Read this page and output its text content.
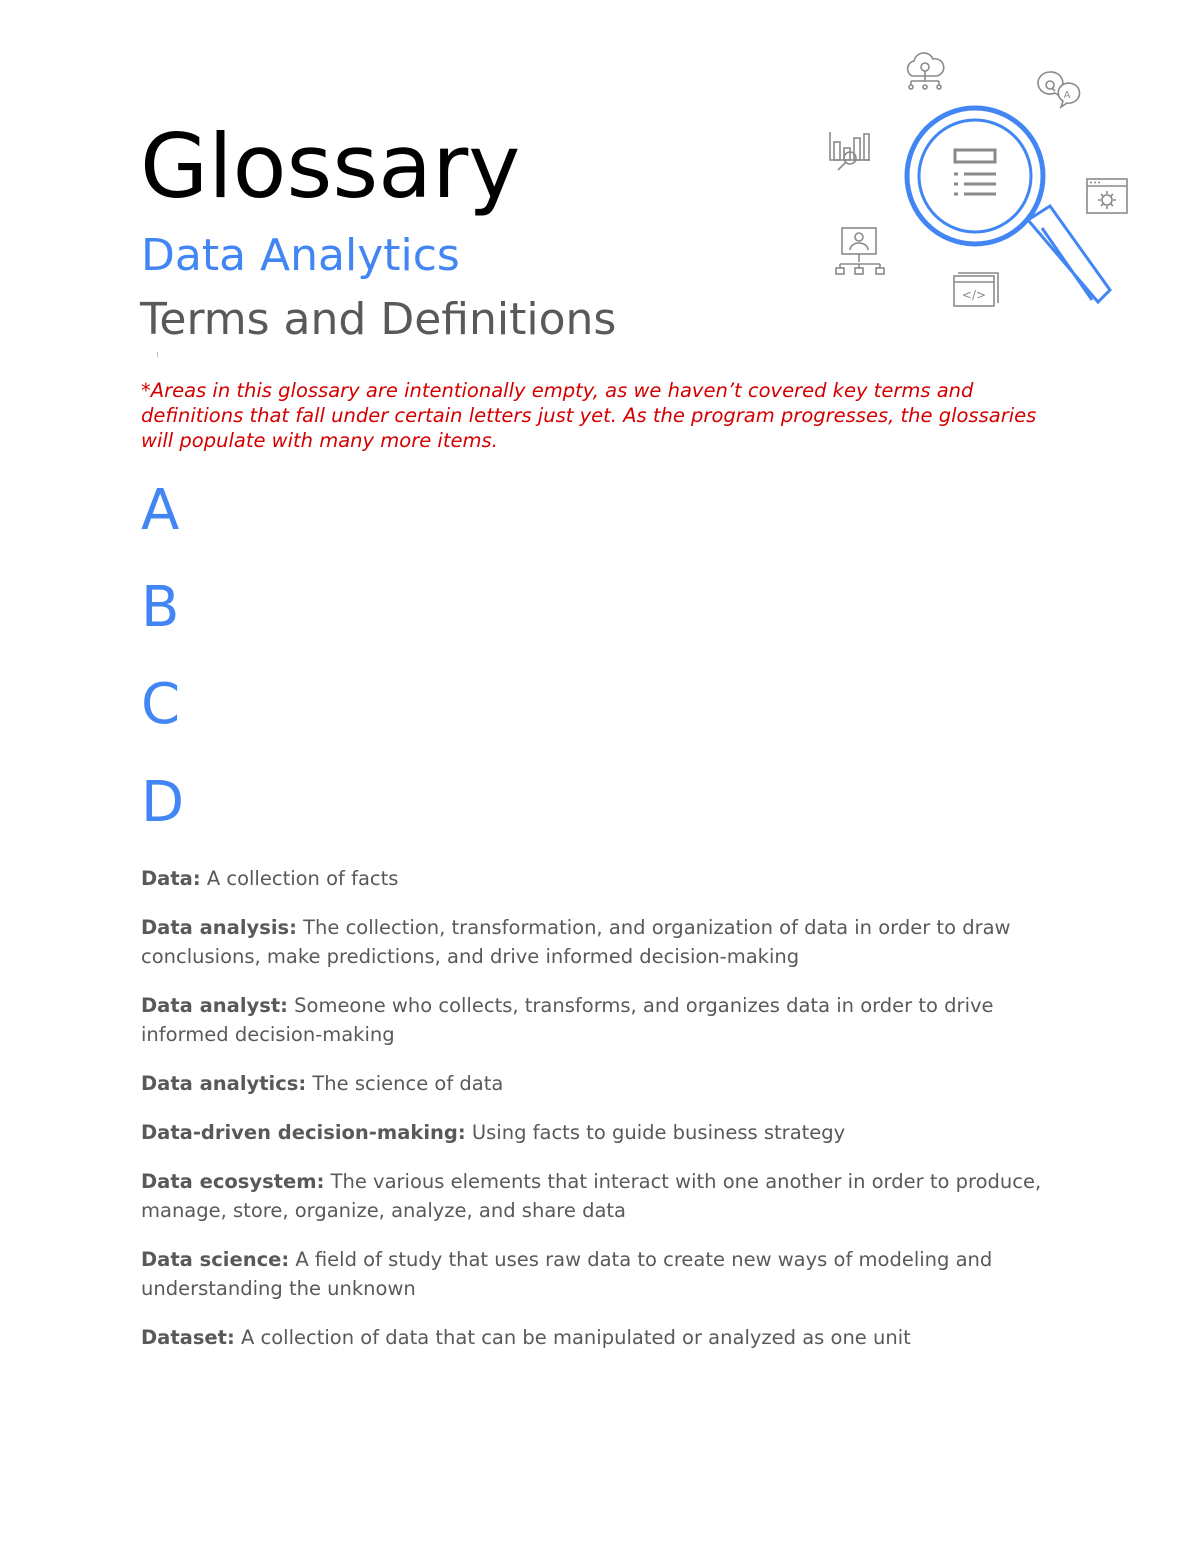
Glossary
Data Analytics
Terms and Definitions
*Areas in this glossary are intentionally empty, as we haven’t covered key terms and definitions that fall under certain letters just yet. As the program progresses, the glossaries will populate with many more items.
A
B
C
D

Data: A collection of facts

Data analysis: The collection, transformation, and organization of data in order to draw conclusions, make predictions, and drive informed decision-making

Data analyst: Someone who collects, transforms, and organizes data in order to drive informed decision-making

Data analytics: The science of data

Data-driven decision-making: Using facts to guide business strategy

Data ecosystem: The various elements that interact with one another in order to produce, manage, store, organize, analyze, and share data

Data science: A field of study that uses raw data to create new ways of modeling and understanding the unknown

Dataset: A collection of data that can be manipulated or analyzed as one unit

A
</>
